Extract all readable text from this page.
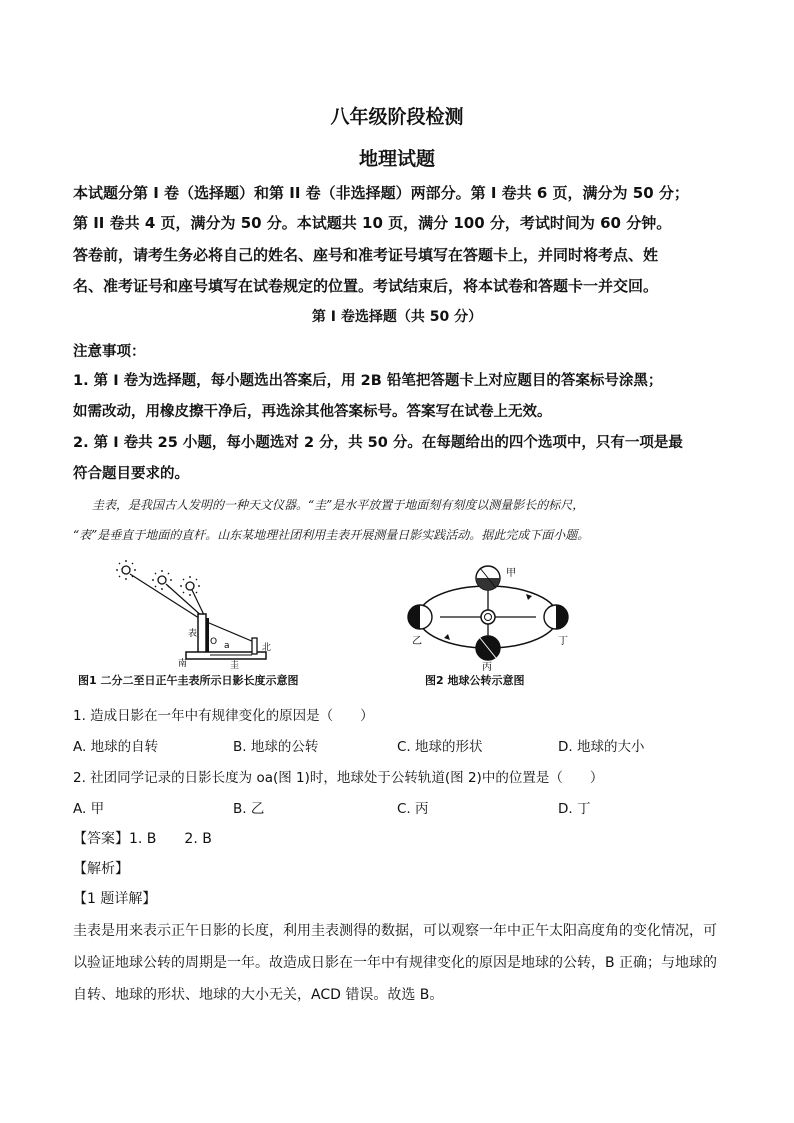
八年级阶段检测
地理试题
本试题分第 I 卷（选择题）和第 II 卷（非选择题）两部分。第 I 卷共 6 页，满分为 50 分；
第 II 卷共 4 页，满分为 50 分。本试题共 10 页，满分 100 分，考试时间为 60 分钟。
答卷前，请考生务必将自己的姓名、座号和准考证号填写在答题卡上，并同时将考点、姓
名、准考证号和座号填写在试卷规定的位置。考试结束后，将本试卷和答题卡一并交回。
第 I 卷选择题（共 50 分）
注意事项：
1. 第 I 卷为选择题，每小题选出答案后，用 2B 铅笔把答题卡上对应题目的答案标号涂黑；
如需改动，用橡皮擦干净后，再选涂其他答案标号。答案写在试卷上无效。
2. 第 I 卷共 25 小题，每小题选对 2 分，共 50 分。在每题给出的四个选项中，只有一项是最
符合题目要求的。
圭表，是我国古人发明的一种天文仪器。“圭”是水平放置于地面刻有刻度以测量影长的标尺，
“表”是垂直于地面的直杆。山东某地理社团利用圭表开展测量日影实践活动。据此完成下面小题。
表
O a
南	圭
北
图1 二分二至日正午圭表所示日影长度示意图
甲
乙
丙
丁
图2 地球公转示意图
1. 造成日影在一年中有规律变化的原因是（　　）
A. 地球的自转	B. 地球的公转	C. 地球的形状	D. 地球的大小
2. 社团同学记录的日影长度为 oa(图 1)时，地球处于公转轨道(图 2)中的位置是（　　）
A. 甲	B. 乙	C. 丙	D. 丁
【答案】1. B　　2. B
【解析】
【1 题详解】
圭表是用来表示正午日影的长度，利用圭表测得的数据，可以观察一年中正午太阳高度角的变化情况，可
以验证地球公转的周期是一年。故造成日影在一年中有规律变化的原因是地球的公转，B 正确；与地球的
自转、地球的形状、地球的大小无关，ACD 错误。故选 B。
